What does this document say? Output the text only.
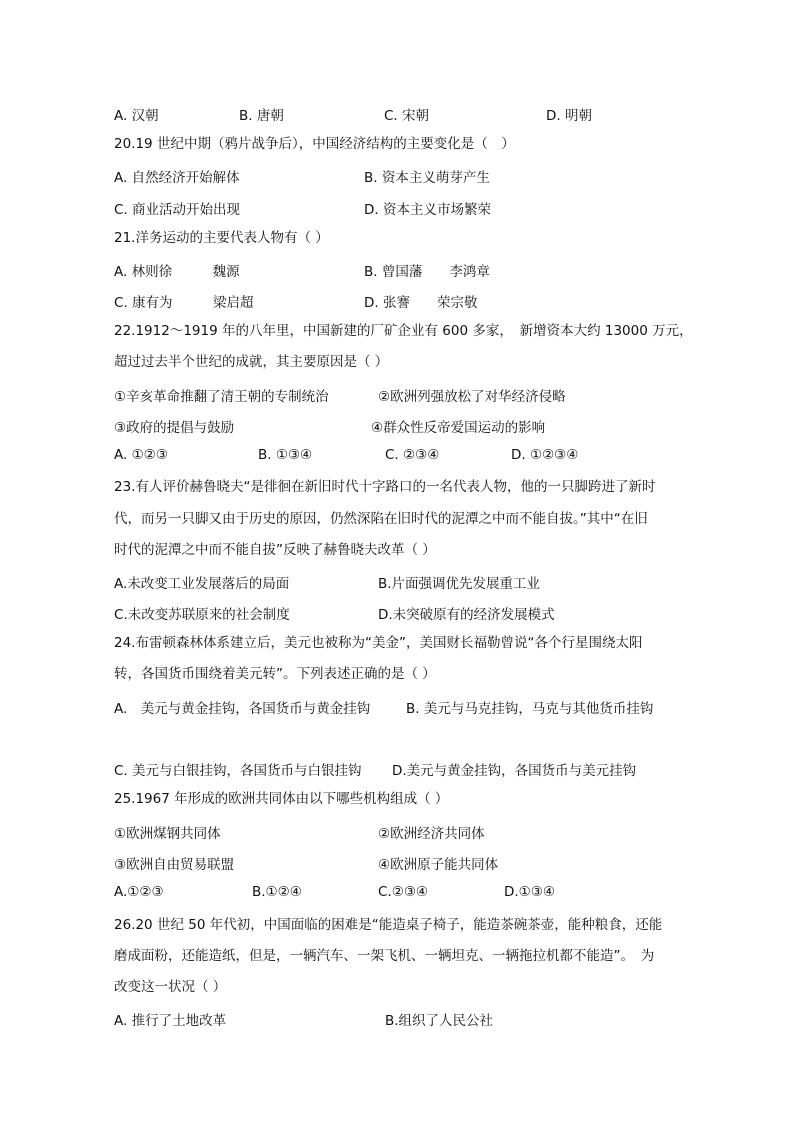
A. 汉朝	B. 唐朝	C. 宋朝	D. 明朝
20.19 世纪中期（鸦片战争后），中国经济结构的主要变化是（　）
A. 自然经济开始解体	B. 资本主义萌芽产生
C. 商业活动开始出现	D. 资本主义市场繁荣
21.洋务运动的主要代表人物有（ ）
A. 林则徐　　　魏源	B. 曾国藩　　李鸿章
C. 康有为　　　梁启超	D. 张謇　　荣宗敬
22.1912～1919 年的八年里，中国新建的厂矿企业有 600 多家，　新增资本大约 13000 万元，
超过过去半个世纪的成就，其主要原因是（ ）
①辛亥革命推翻了清王朝的专制统治	②欧洲列强放松了对华经济侵略
③政府的提倡与鼓励	④群众性反帝爱国运动的影响
A. ①②③	B. ①③④	C. ②③④	D. ①②③④
23.有人评价赫鲁晓夫“是徘徊在新旧时代十字路口的一名代表人物，他的一只脚跨进了新时
代，而另一只脚又由于历史的原因，仍然深陷在旧时代的泥潭之中而不能自拔。”其中“在旧
时代的泥潭之中而不能自拔”反映了赫鲁晓夫改革（ ）
A.未改变工业发展落后的局面	B.片面强调优先发展重工业
C.未改变苏联原来的社会制度	D.未突破原有的经济发展模式
24.布雷顿森林体系建立后，美元也被称为“美金”，美国财长福勒曾说“各个行星围绕太阳
转，各国货币围绕着美元转”。下列表述正确的是（ ）
A.　美元与黄金挂钩，各国货币与黄金挂钩	B. 美元与马克挂钩，马克与其他货币挂钩
C. 美元与白银挂钩，各国货币与白银挂钩 D.美元与黄金挂钩，各国货币与美元挂钩
25.1967 年形成的欧洲共同体由以下哪些机构组成（ ）
①欧洲煤钢共同体	②欧洲经济共同体
③欧洲自由贸易联盟	④欧洲原子能共同体
A.①②③	B.①②④	C.②③④	D.①③④
26.20 世纪 50 年代初，中国面临的困难是“能造桌子椅子，能造茶碗茶壶，能种粮食，还能
磨成面粉，还能造纸，但是，一辆汽车、一架飞机、一辆坦克、一辆拖拉机都不能造”。　为
改变这一状况（ ）
A. 推行了土地改革	B.组织了人民公社
